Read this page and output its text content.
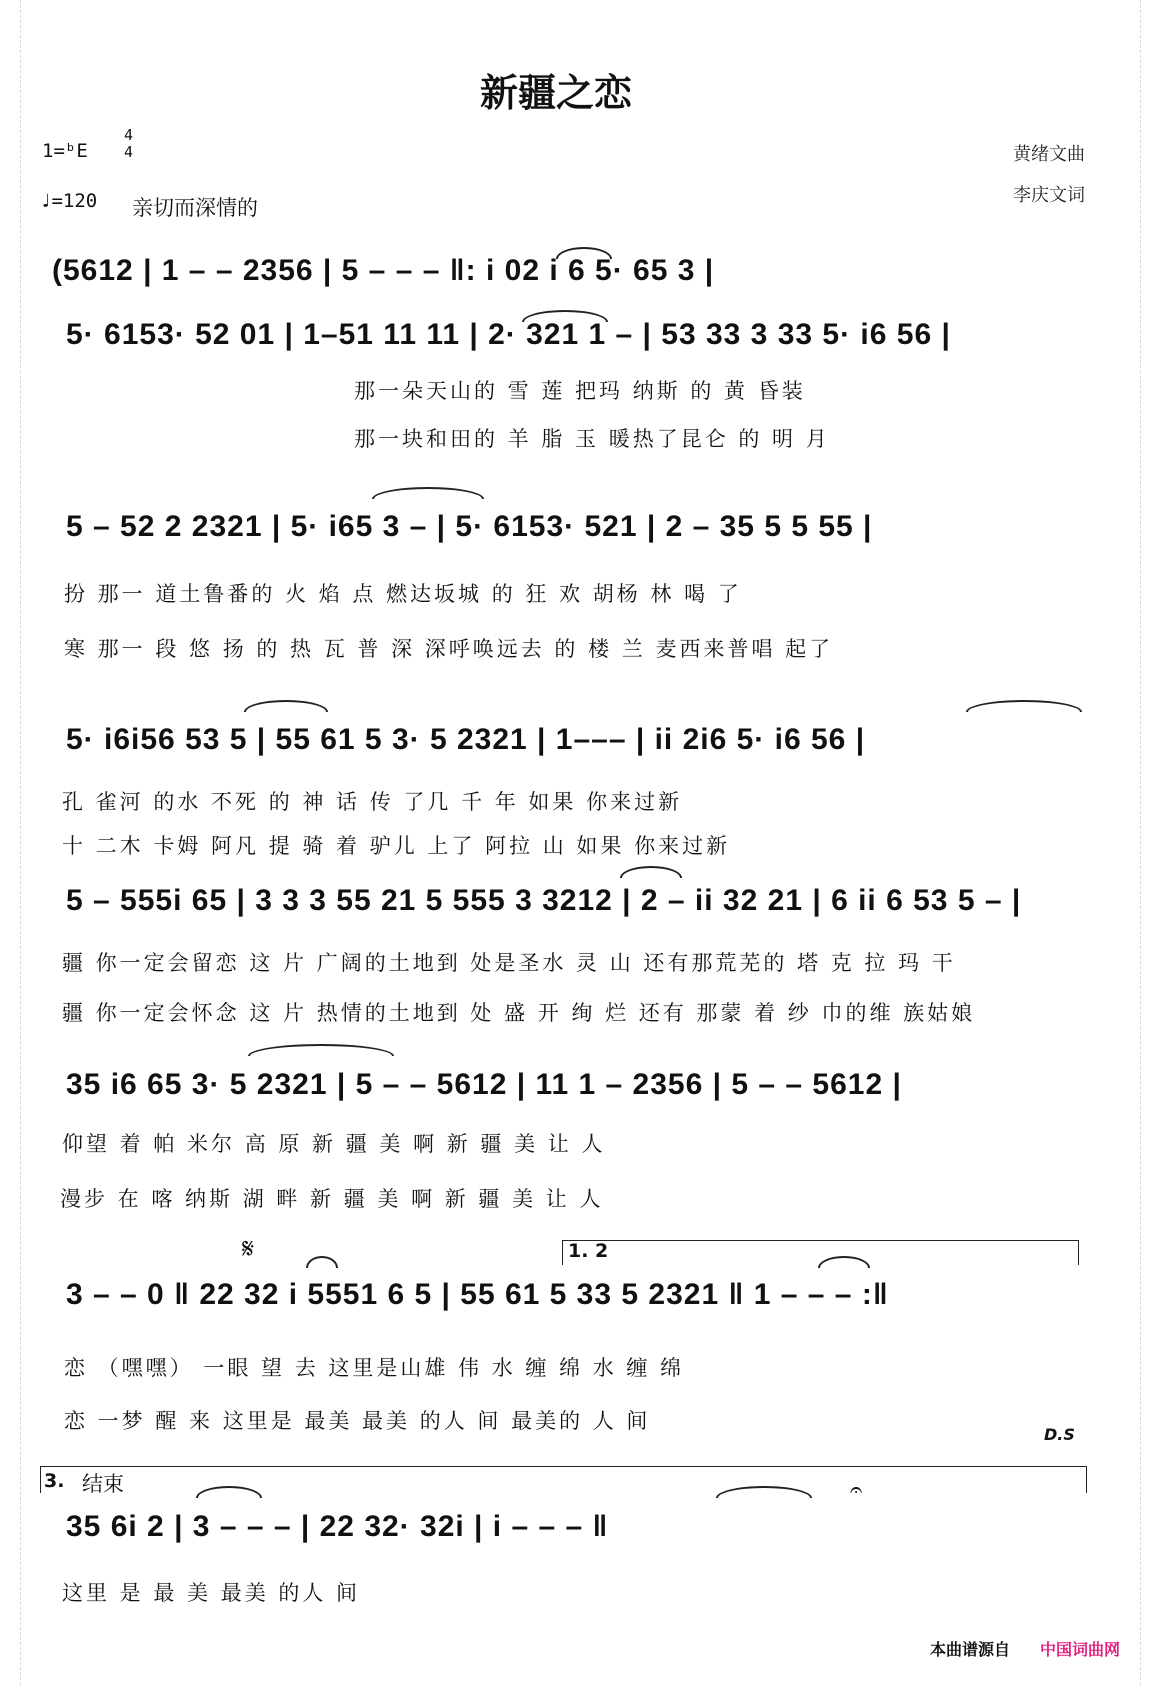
新疆之恋
1=ᵇE
4
4
♩=120 亲切而深情的
黄绪文曲
李庆文词
(5612 | 1 – – 2356 | 5 – – – ‖: i 02 i 6 5· 65 3 |
5· 6153· 52 01 | 1–51 11 11 | 2· 321 1 – | 53 33 3 33 5· i6 56 |
那一朵天山的 雪 莲 把玛 纳斯 的 黄 昏装
那一块和田的 羊 脂 玉 暖热了昆仑 的 明 月
5 – 52 2 2321 | 5· i65 3 – | 5· 6153· 521 | 2 – 35 5 5 55 |
扮 那一 道土鲁番的 火 焰 点 燃达坂城 的 狂 欢 胡杨 林 喝 了
寒 那一 段 悠 扬 的 热 瓦 普 深 深呼唤远去 的 楼 兰 麦西来普唱 起了
5· i6i56 53 5 | 55 61 5 3· 5 2321 | 1––– | ii 2i6 5· i6 56 |
孔 雀河 的水 不死 的 神 话 传 了几 千 年 如果 你来过新
十 二木 卡姆 阿凡 提 骑 着 驴儿 上了 阿拉 山 如果 你来过新
5 – 555i 65 | 3 3 3 55 21 5 555 3 3212 | 2 – ii 32 21 | 6 ii 6 53 5 – |
疆 你一定会留恋 这 片 广阔的土地到 处是圣水 灵 山 还有那荒芜的 塔 克 拉 玛 干
疆 你一定会怀念 这 片 热情的土地到 处 盛 开 绚 烂 还有 那蒙 着 纱 巾的维 族姑娘
35 i6 65 3· 5 2321 | 5 – – 5612 | 11 1 – 2356 | 5 – – 5612 |
仰望 着 帕 米尔 高 原 新 疆 美 啊 新 疆 美 让 人
漫步 在 喀 纳斯 湖 畔 新 疆 美 啊 新 疆 美 让 人
𝄋	1. 2
3 – – 0 ‖ 22 32 i 5551 6 5 | 55 61 5 33 5 2321 ‖ 1 – – – :‖
恋 （嘿嘿） 一眼 望 去 这里是山雄 伟 水 缠 绵 水 缠 绵
恋 一梦 醒 来 这里是 最美 最美 的人 间 最美的 人 间
D.S
3. 结束
35 6i 2 | 3 – – – | 22 32· 32i | i – – – ‖
𝄐
这里 是 最 美 最美 的人 间
本曲谱源自 中国词曲网
